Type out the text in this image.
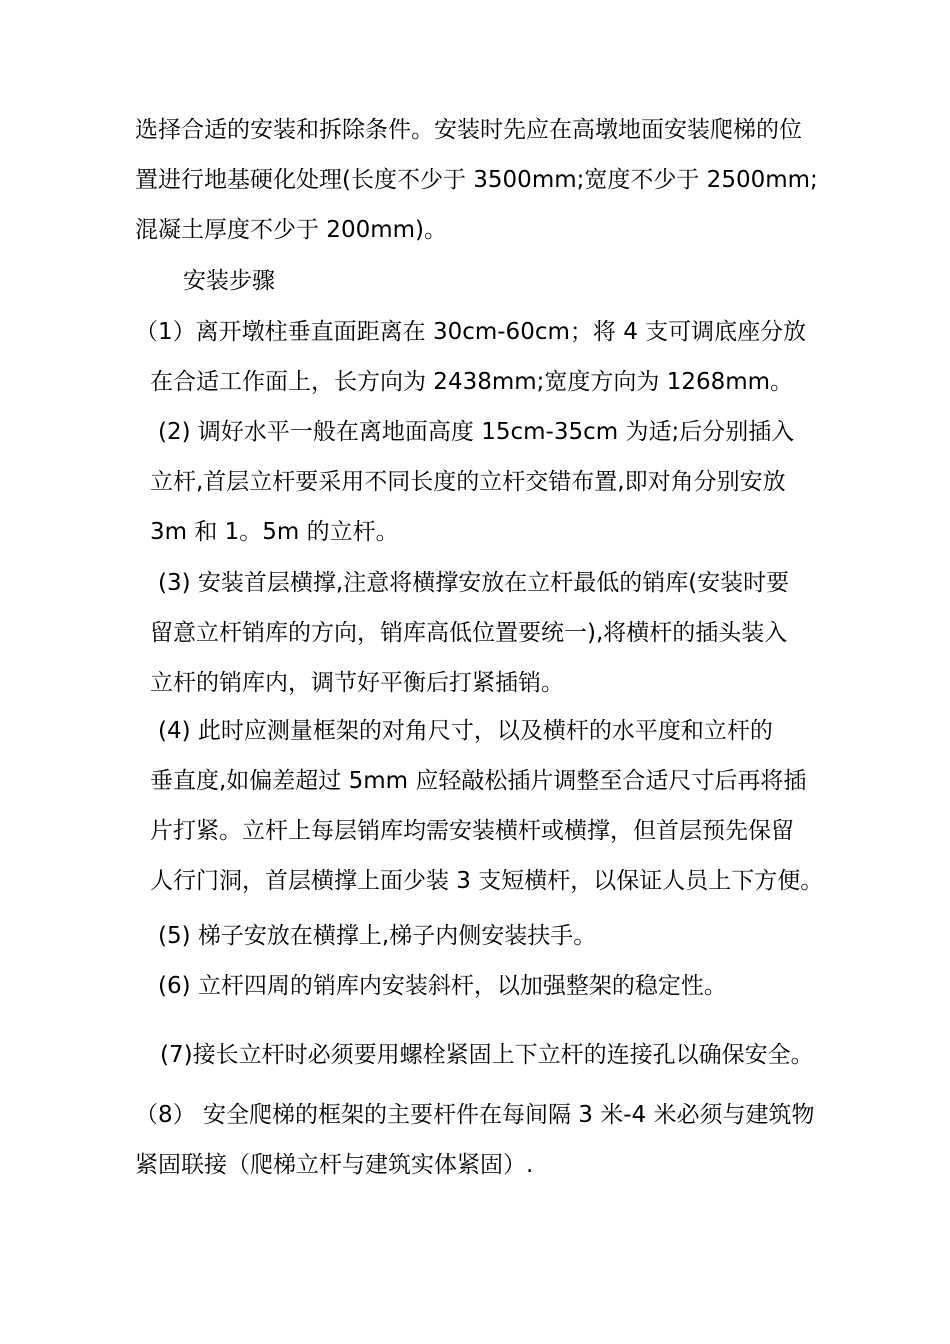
选择合适的安装和拆除条件。安装时先应在高墩地面安装爬梯的位
置进行地基硬化处理(长度不少于 3500mm;宽度不少于 2500mm;
混凝土厚度不少于 200mm)。
安装步骤
（1）离开墩柱垂直面距离在 30cm-60cm；将 4 支可调底座分放
在合适工作面上，长方向为 2438mm;宽度方向为 1268mm。
(2) 调好水平一般在离地面高度 15cm-35cm 为适;后分别插入
立杆,首层立杆要采用不同长度的立杆交错布置,即对角分别安放
3m 和 1。5m 的立杆。
(3) 安装首层横撑,注意将横撑安放在立杆最低的销库(安装时要
留意立杆销库的方向，销库高低位置要统一),将横杆的插头装入
立杆的销库内，调节好平衡后打紧插销。
(4) 此时应测量框架的对角尺寸，以及横杆的水平度和立杆的
垂直度,如偏差超过 5mm 应轻敲松插片调整至合适尺寸后再将插
片打紧。立杆上每层销库均需安装横杆或横撑，但首层预先保留
人行门洞，首层横撑上面少装 3 支短横杆，以保证人员上下方便。
(5) 梯子安放在横撑上,梯子内侧安装扶手。
(6) 立杆四周的销库内安装斜杆，以加强整架的稳定性。
(7)接长立杆时必须要用螺栓紧固上下立杆的连接孔以确保安全。
（8） 安全爬梯的框架的主要杆件在每间隔 3 米-4 米必须与建筑物
紧固联接（爬梯立杆与建筑实体紧固）.
